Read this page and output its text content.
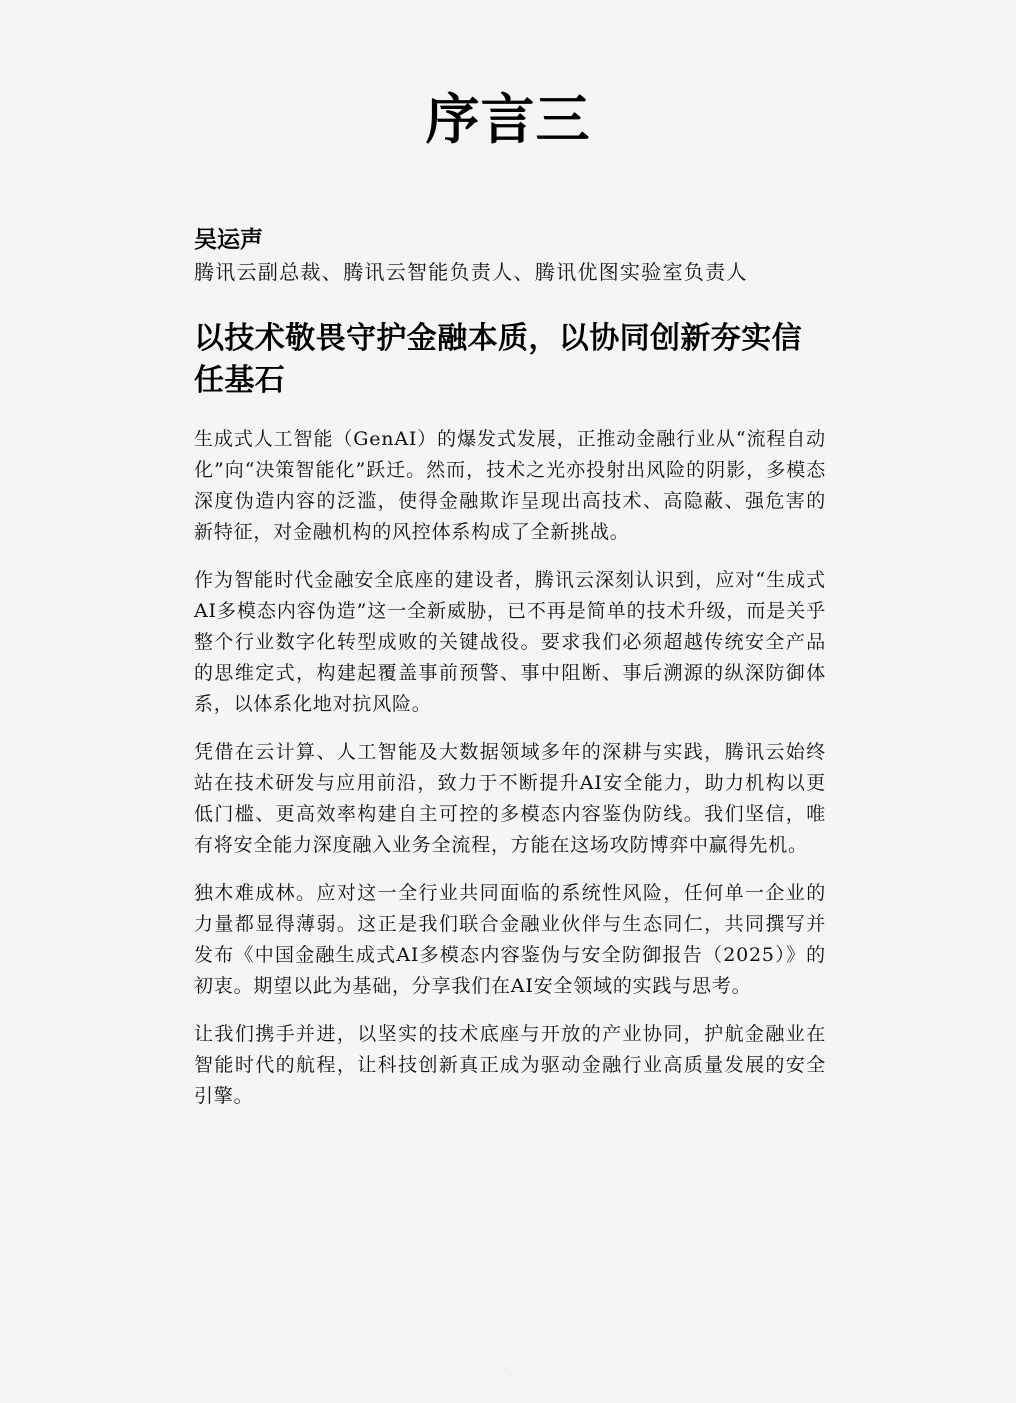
序言三
吴运声
腾讯云副总裁、腾讯云智能负责人、腾讯优图实验室负责人
以技术敬畏守护金融本质，以协同创新夯实信任基石

生成式人工智能（GenAI）的爆发式发展，正推动金融行业从“流程自动化”向“决策智能化”跃迁。然而，技术之光亦投射出风险的阴影，多模态深度伪造内容的泛滥，使得金融欺诈呈现出高技术、高隐蔽、强危害的新特征，对金融机构的风控体系构成了全新挑战。

作为智能时代金融安全底座的建设者，腾讯云深刻认识到，应对“生成式AI多模态内容伪造”这一全新威胁，已不再是简单的技术升级，而是关乎整个行业数字化转型成败的关键战役。要求我们必须超越传统安全产品的思维定式，构建起覆盖事前预警、事中阻断、事后溯源的纵深防御体系，以体系化地对抗风险。

凭借在云计算、人工智能及大数据领域多年的深耕与实践，腾讯云始终站在技术研发与应用前沿，致力于不断提升AI安全能力，助力机构以更低门槛、更高效率构建自主可控的多模态内容鉴伪防线。我们坚信，唯有将安全能力深度融入业务全流程，方能在这场攻防博弈中赢得先机。

独木难成林。应对这一全行业共同面临的系统性风险，任何单一企业的力量都显得薄弱。这正是我们联合金融业伙伴与生态同仁，共同撰写并发布《中国金融生成式AI多模态内容鉴伪与安全防御报告（2025）》的初衷。期望以此为基础，分享我们在AI安全领域的实践与思考。

让我们携手并进，以坚实的技术底座与开放的产业协同，护航金融业在智能时代的航程，让科技创新真正成为驱动金融行业高质量发展的安全引擎。

5
